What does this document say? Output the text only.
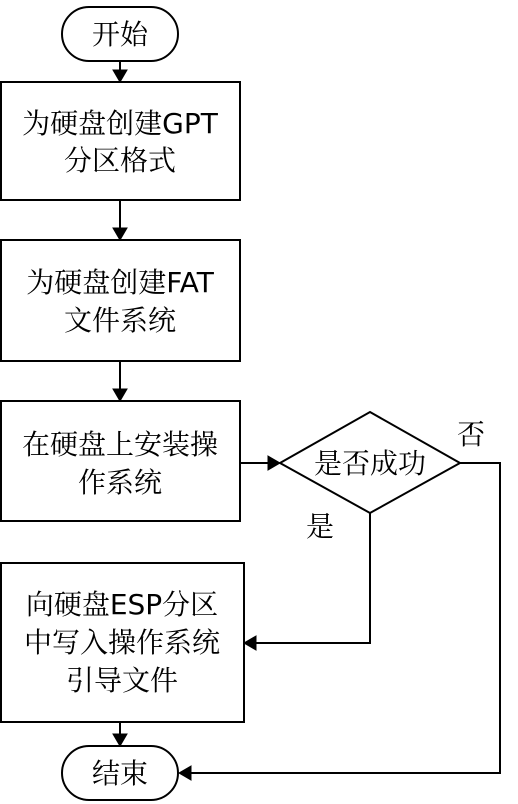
开始
为硬盘创建GPT
分区格式
为硬盘创建FAT
文件系统
在硬盘上安装操
作系统
是否成功
是
否
向硬盘ESP分区
中写入操作系统
引导文件
结束
